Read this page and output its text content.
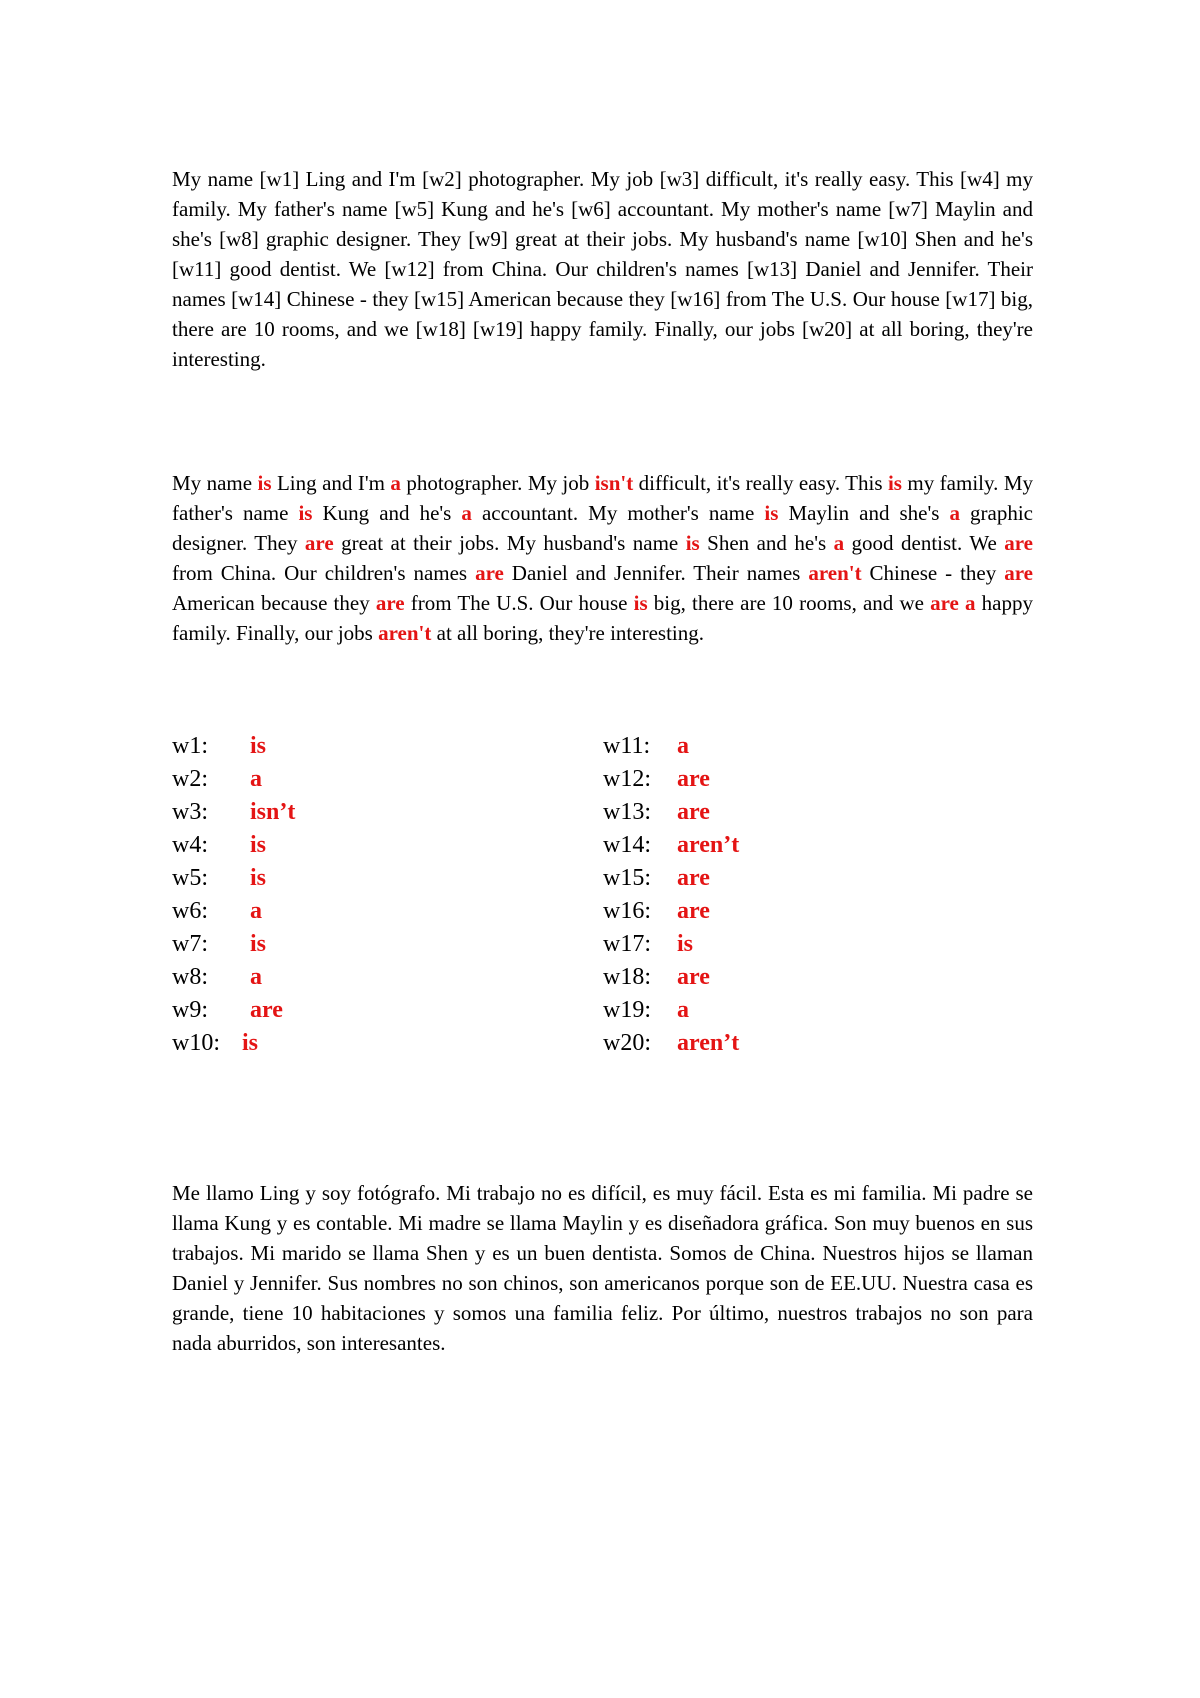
My name [w1] Ling and I'm [w2] photographer. My job [w3] difficult, it's really easy. This [w4] my family. My father's name [w5] Kung and he's [w6] accountant. My mother's name [w7] Maylin and she's [w8] graphic designer. They [w9] great at their jobs. My husband's name [w10] Shen and he's [w11] good dentist. We [w12] from China. Our children's names [w13] Daniel and Jennifer. Their names [w14] Chinese - they [w15] American because they [w16] from The U.S. Our house [w17] big, there are 10 rooms, and we [w18] [w19] happy family. Finally, our jobs [w20] at all boring, they're interesting.

My name is Ling and I'm a photographer. My job isn't difficult, it's really easy. This is my family. My father's name is Kung and he's a accountant. My mother's name is Maylin and she's a graphic designer. They are great at their jobs. My husband's name is Shen and he's a good dentist. We are from China. Our children's names are Daniel and Jennifer. Their names aren't Chinese - they are American because they are from The U.S. Our house is big, there are 10 rooms, and we are a happy family. Finally, our jobs aren't at all boring, they're interesting.

w1:	is
w2:	a
w3:	isn’t
w4:	is
w5:	is
w6:	a
w7:	is
w8:	a
w9:	are
w10: is
w11:	a
w12:	are
w13:	are
w14:	aren’t
w15:	are
w16:	are
w17:	is
w18:	are
w19:	a
w20:	aren’t

Me llamo Ling y soy fotógrafo. Mi trabajo no es difícil, es muy fácil. Esta es mi familia. Mi padre se llama Kung y es contable. Mi madre se llama Maylin y es diseñadora gráfica. Son muy buenos en sus trabajos. Mi marido se llama Shen y es un buen dentista. Somos de China. Nuestros hijos se llaman Daniel y Jennifer. Sus nombres no son chinos, son americanos porque son de EE.UU. Nuestra casa es grande, tiene 10 habitaciones y somos una familia feliz. Por último, nuestros trabajos no son para nada aburridos, son interesantes.
